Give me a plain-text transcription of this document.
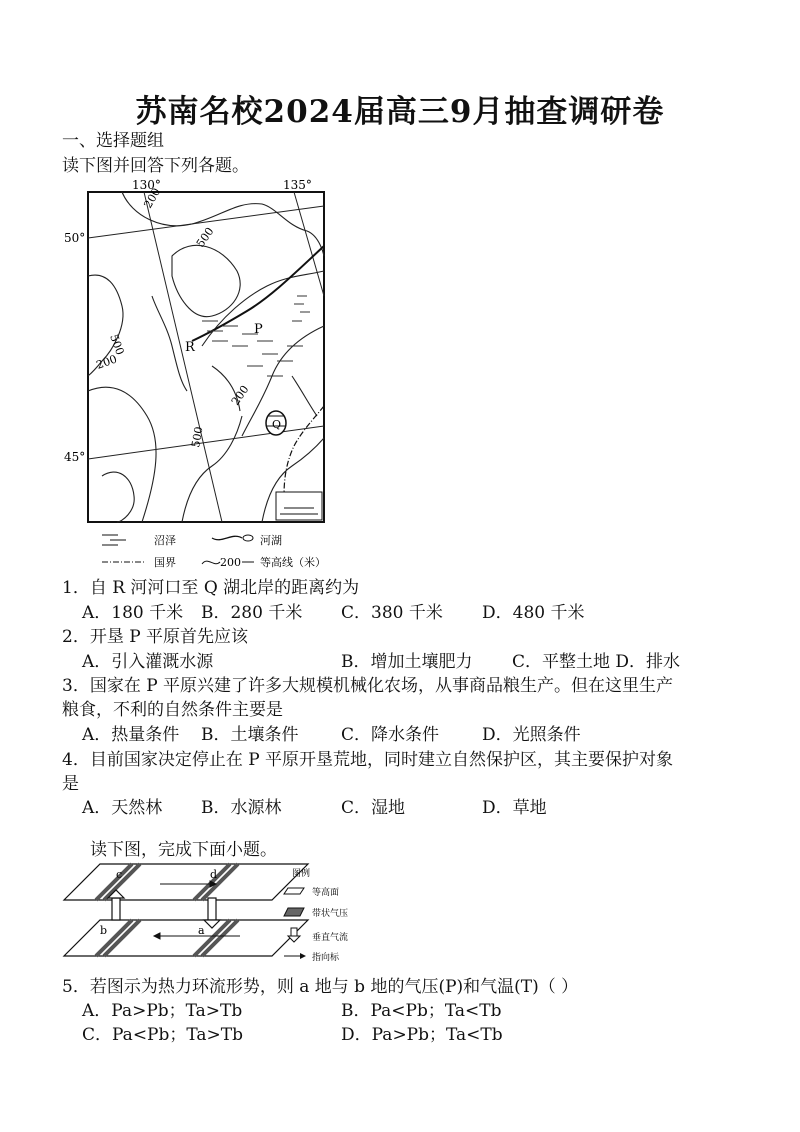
苏南名校2024届高三9月抽查调研卷
一、选择题组
读下图并回答下列各题。
130°	135°
50°
45°
200
500
500
200
200
500
P
R
Q
沼泽	河湖
国界	200 等高线（米）
1．自 R 河河口至 Q 湖北岸的距离约为
A．180 千米 B．280 千米 C．380 千米 D．480 千米
2．开垦 P 平原首先应该
A．引入灌溉水源	B．增加土壤肥力 C．平整土地 D．排水
3．国家在 P 平原兴建了许多大规模机械化农场，从事商品粮生产。但在这里生产
粮食，不利的自然条件主要是
A．热量条件 B．土壤条件	C．降水条件	D．光照条件
4．目前国家决定停止在 P 平原开垦荒地，同时建立自然保护区，其主要保护对象
是
A．天然林 B．水源林	C．湿地	D．草地
读下图，完成下面小题。
c	d
b	a
图例
等高面
带状气压
垂直气流
指向标
5．若图示为热力环流形势，则 a 地与 b 地的气压(P)和气温(T)（ ）
A．Pa>Pb；Ta>Tb	B．Pa<Pb；Ta<Tb
C．Pa<Pb；Ta>Tb	D．Pa>Pb；Ta<Tb
